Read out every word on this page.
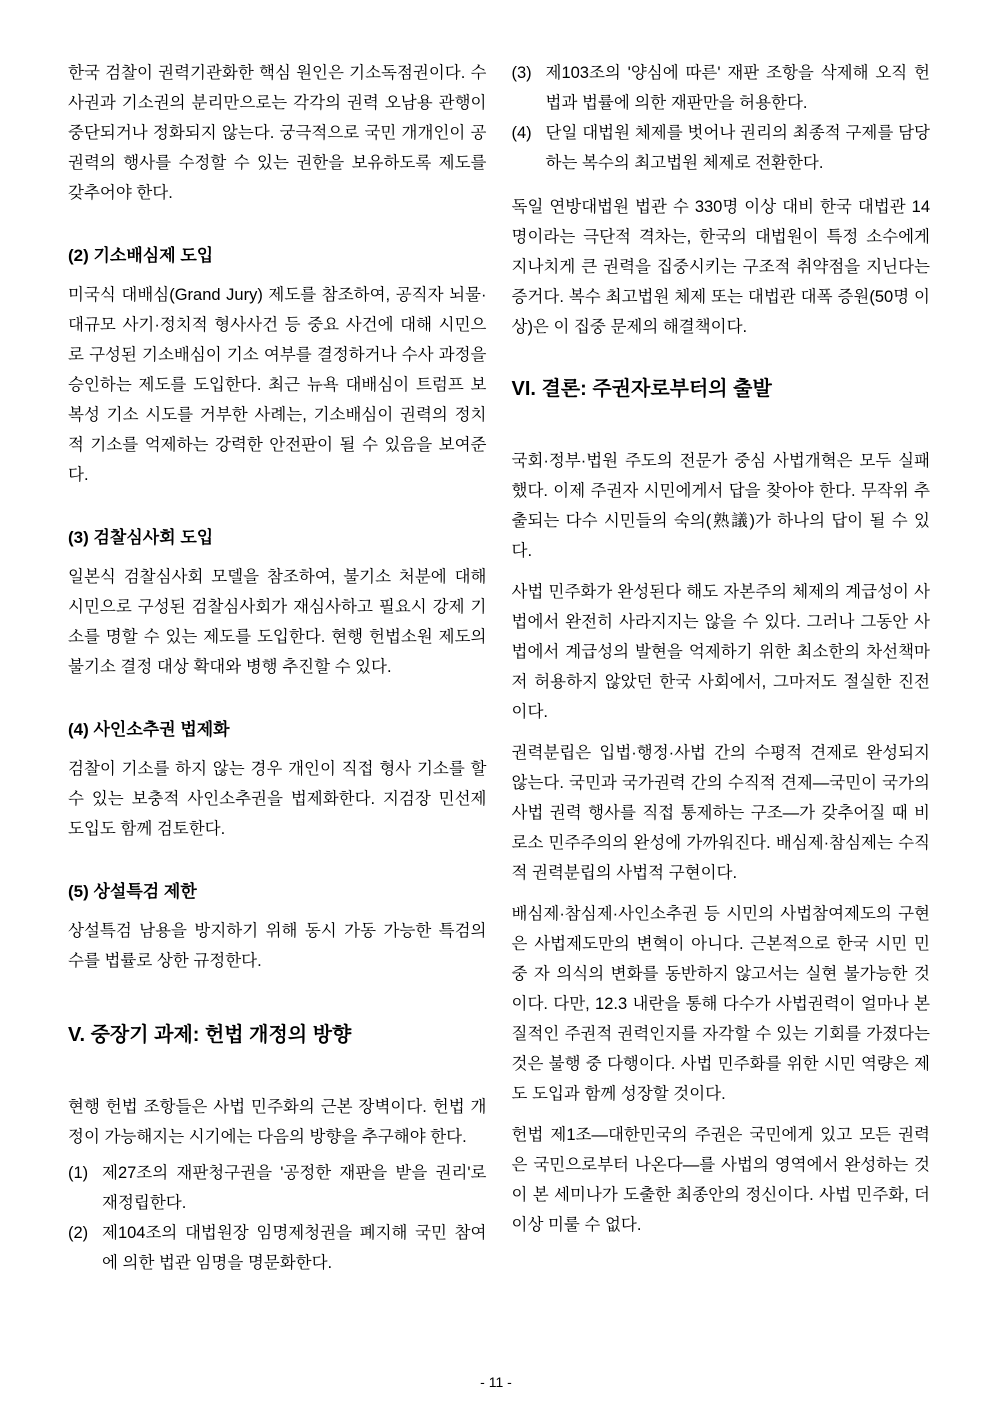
한국 검찰이 권력기관화한 핵심 원인은 기소독점권이다. 수사권과 기소권의 분리만으로는 각각의 권력 오남용 관행이 중단되거나 정화되지 않는다. 궁극적으로 국민 개개인이 공권력의 행사를 수정할 수 있는 권한을 보유하도록 제도를 갖추어야 한다.

(2) 기소배심제 도입

미국식 대배심(Grand Jury) 제도를 참조하여, 공직자 뇌물·대규모 사기·정치적 형사사건 등 중요 사건에 대해 시민으로 구성된 기소배심이 기소 여부를 결정하거나 수사 과정을 승인하는 제도를 도입한다. 최근 뉴욕 대배심이 트럼프 보복성 기소 시도를 거부한 사례는, 기소배심이 권력의 정치적 기소를 억제하는 강력한 안전판이 될 수 있음을 보여준다.

(3) 검찰심사회 도입

일본식 검찰심사회 모델을 참조하여, 불기소 처분에 대해 시민으로 구성된 검찰심사회가 재심사하고 필요시 강제 기소를 명할 수 있는 제도를 도입한다. 현행 헌법소원 제도의 불기소 결정 대상 확대와 병행 추진할 수 있다.

(4) 사인소추권 법제화

검찰이 기소를 하지 않는 경우 개인이 직접 형사 기소를 할 수 있는 보충적 사인소추권을 법제화한다. 지검장 민선제 도입도 함께 검토한다.

(5) 상설특검 제한

상설특검 남용을 방지하기 위해 동시 가동 가능한 특검의 수를 법률로 상한 규정한다.

V. 중장기 과제: 헌법 개정의 방향

현행 헌법 조항들은 사법 민주화의 근본 장벽이다. 헌법 개정이 가능해지는 시기에는 다음의 방향을 추구해야 한다.

(1) 제27조의 재판청구권을 '공정한 재판을 받을 권리'로 재정립한다.
(2) 제104조의 대법원장 임명제청권을 폐지해 국민 참여에 의한 법관 임명을 명문화한다.
(3) 제103조의 '양심에 따른' 재판 조항을 삭제해 오직 헌법과 법률에 의한 재판만을 허용한다.
(4) 단일 대법원 체제를 벗어나 권리의 최종적 구제를 담당하는 복수의 최고법원 체제로 전환한다.

독일 연방대법원 법관 수 330명 이상 대비 한국 대법관 14명이라는 극단적 격차는, 한국의 대법원이 특정 소수에게 지나치게 큰 권력을 집중시키는 구조적 취약점을 지닌다는 증거다. 복수 최고법원 체제 또는 대법관 대폭 증원(50명 이상)은 이 집중 문제의 해결책이다.

VI. 결론: 주권자로부터의 출발

국회·정부·법원 주도의 전문가 중심 사법개혁은 모두 실패했다. 이제 주권자 시민에게서 답을 찾아야 한다. 무작위 추출되는 다수 시민들의 숙의(熟議)가 하나의 답이 될 수 있다.

사법 민주화가 완성된다 해도 자본주의 체제의 계급성이 사법에서 완전히 사라지지는 않을 수 있다. 그러나 그동안 사법에서 계급성의 발현을 억제하기 위한 최소한의 차선책마저 허용하지 않았던 한국 사회에서, 그마저도 절실한 진전이다.

권력분립은 입법·행정·사법 간의 수평적 견제로 완성되지 않는다. 국민과 국가권력 간의 수직적 견제—국민이 국가의 사법 권력 행사를 직접 통제하는 구조—가 갖추어질 때 비로소 민주주의의 완성에 가까워진다. 배심제·참심제는 수직적 권력분립의 사법적 구현이다.

배심제·참심제·사인소추권 등 시민의 사법참여제도의 구현은 사법제도만의 변혁이 아니다. 근본적으로 한국 시민 민중 자 의식의 변화를 동반하지 않고서는 실현 불가능한 것이다. 다만, 12.3 내란을 통해 다수가 사법권력이 얼마나 본질적인 주권적 권력인지를 자각할 수 있는 기회를 가졌다는 것은 불행 중 다행이다. 사법 민주화를 위한 시민 역량은 제도 도입과 함께 성장할 것이다.

헌법 제1조—대한민국의 주권은 국민에게 있고 모든 권력은 국민으로부터 나온다—를 사법의 영역에서 완성하는 것이 본 세미나가 도출한 최종안의 정신이다. 사법 민주화, 더 이상 미룰 수 없다.

- 11 -
